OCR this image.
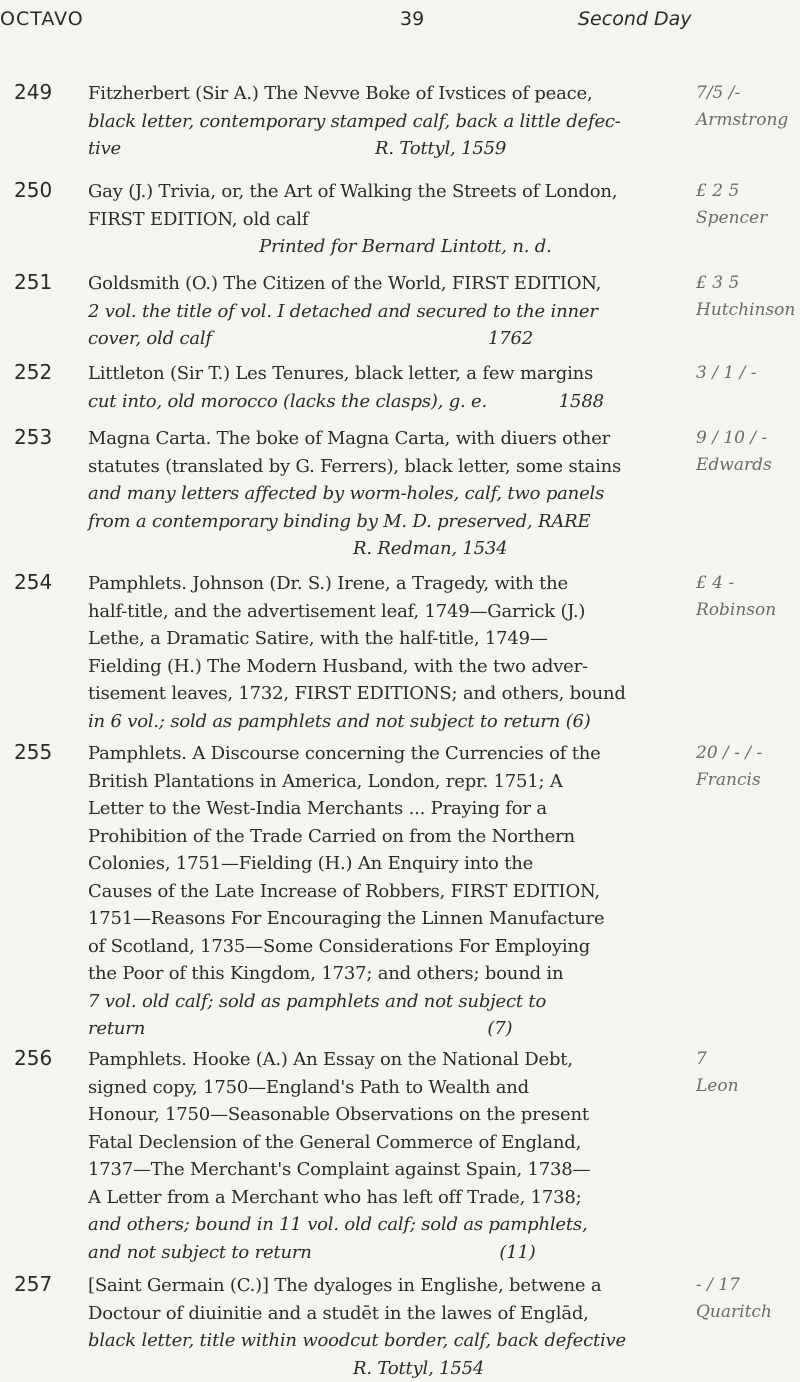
OCTAVO	39	Second Day
249 Fitzherbert (Sir A.) The Nevve Boke of Ivstices of peace,
black letter, contemporary stamped calf, back a little defec-
tive                                              R. Tottyl, 1559
7/5 /-
Armstrong
250 Gay (J.) Trivia, or, the Art of Walking the Streets of London,
FIRST EDITION, old calf
Printed for Bernard Lintott, n. d.
£ 2 5
Spencer
251 Goldsmith (O.) The Citizen of the World, FIRST EDITION,
2 vol. the title of vol. I detached and secured to the inner
cover, old calf                                                  1762
£ 3 5
Hutchinson
252 Littleton (Sir T.) Les Tenures, black letter, a few margins
cut into, old morocco (lacks the clasps), g. e.             1588
3 / 1 / -
253 Magna Carta. The boke of Magna Carta, with diuers other
statutes (translated by G. Ferrers), black letter, some stains
and many letters affected by worm-holes, calf, two panels
from a contemporary binding by M. D. preserved, RARE
R. Redman, 1534
9 / 10 / -
Edwards
254 Pamphlets. Johnson (Dr. S.) Irene, a Tragedy, with the
half-title, and the advertisement leaf, 1749—Garrick (J.)
Lethe, a Dramatic Satire, with the half-title, 1749—
Fielding (H.) The Modern Husband, with the two adver-
tisement leaves, 1732, FIRST EDITIONS; and others, bound
in 6 vol.; sold as pamphlets and not subject to return (6)
£ 4 -
Robinson
255 Pamphlets. A Discourse concerning the Currencies of the
British Plantations in America, London, repr. 1751; A
Letter to the West-India Merchants ... Praying for a
Prohibition of the Trade Carried on from the Northern
Colonies, 1751—Fielding (H.) An Enquiry into the
Causes of the Late Increase of Robbers, FIRST EDITION,
1751—Reasons For Encouraging the Linnen Manufacture
of Scotland, 1735—Some Considerations For Employing
the Poor of this Kingdom, 1737; and others; bound in
7 vol. old calf; sold as pamphlets and not subject to
return                                                              (7)
20 / - / -
Francis
256 Pamphlets. Hooke (A.) An Essay on the National Debt,
signed copy, 1750—England's Path to Wealth and
Honour, 1750—Seasonable Observations on the present
Fatal Declension of the General Commerce of England,
1737—The Merchant's Complaint against Spain, 1738—
A Letter from a Merchant who has left off Trade, 1738;
and others; bound in 11 vol. old calf; sold as pamphlets,
and not subject to return                                  (11)
7
Leon
257 [Saint Germain (C.)] The dyaloges in Englishe, betwene a
Doctour of diuinitie and a studēt in the lawes of Englād,
black letter, title within woodcut border, calf, back defective
R. Tottyl, 1554
- / 17
Quaritch
